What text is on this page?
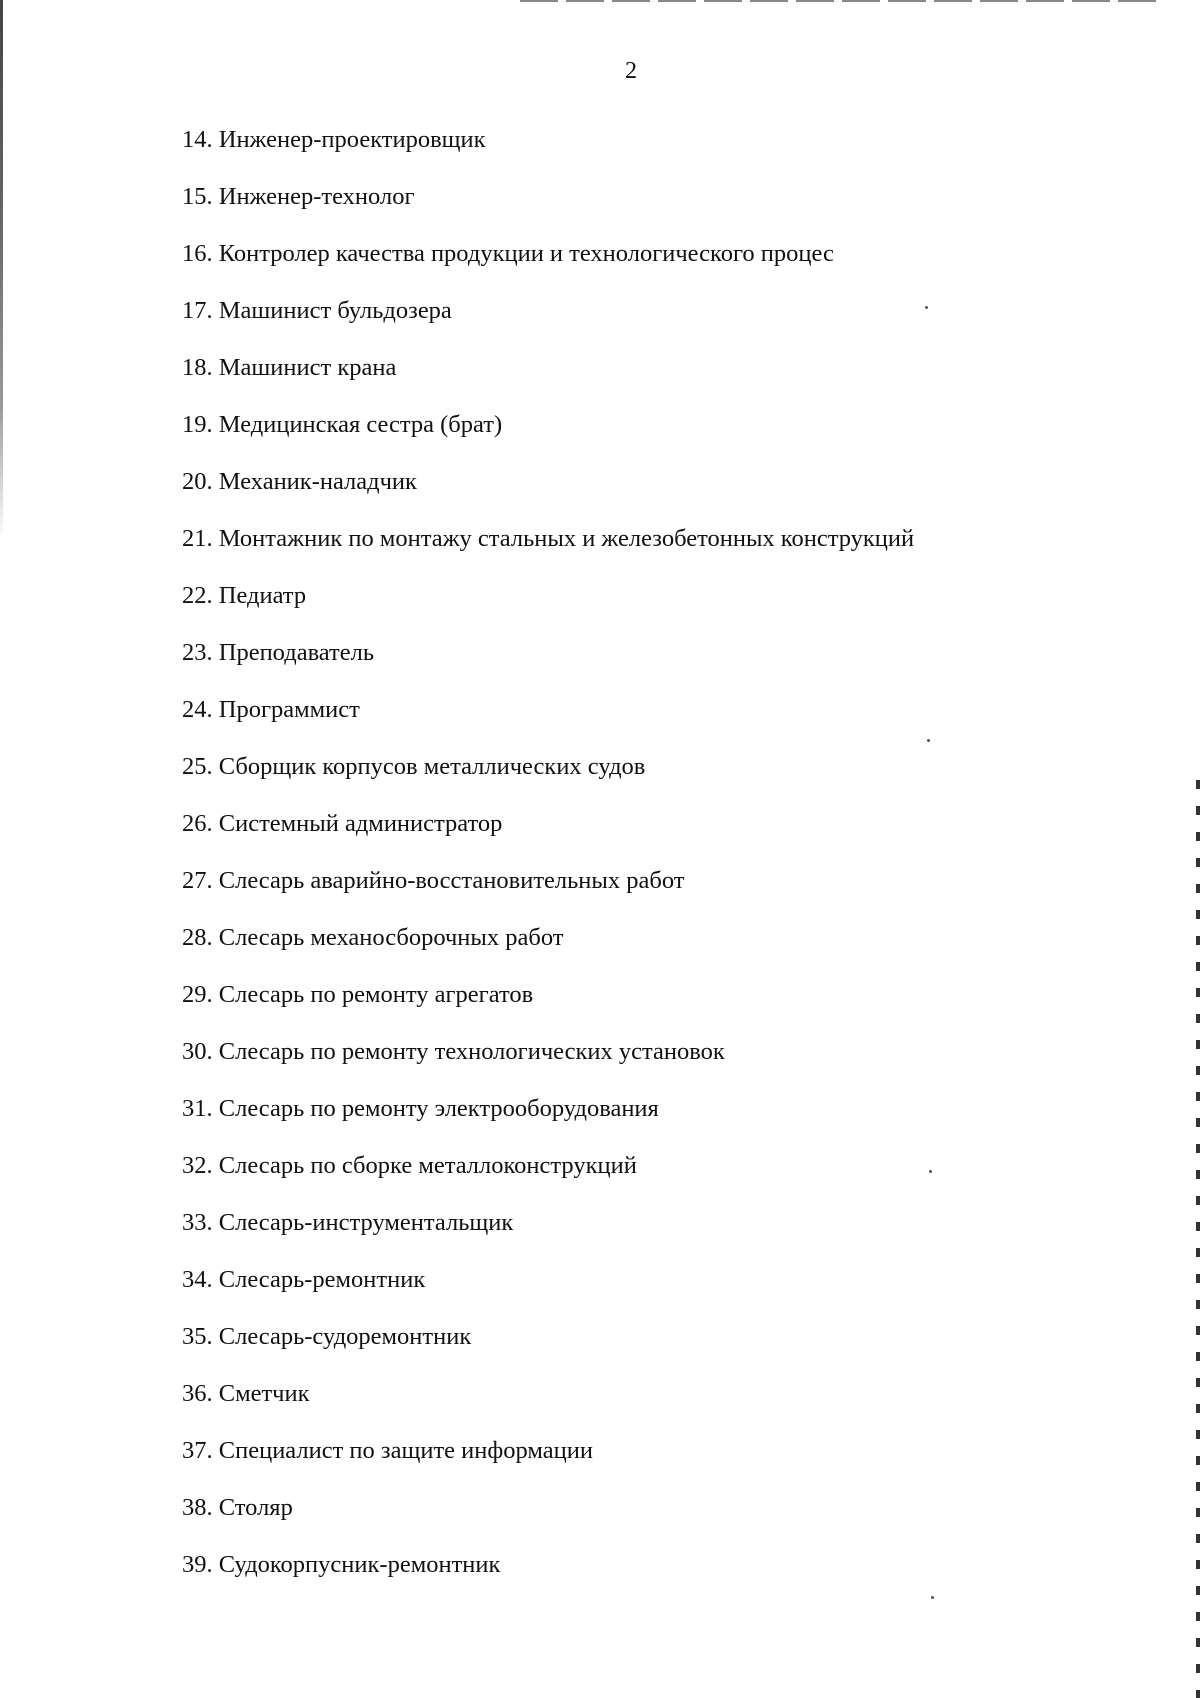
2
14. Инженер-проектировщик
15. Инженер-технолог
16. Контролер качества продукции и технологического процес
17. Машинист бульдозера
18. Машинист крана
19. Медицинская сестра (брат)
20. Механик-наладчик
21. Монтажник по монтажу стальных и железобетонных конструкций
22. Педиатр
23. Преподаватель
24. Программист
25. Сборщик корпусов металлических судов
26. Системный администратор
27. Слесарь аварийно-восстановительных работ
28. Слесарь механосборочных работ
29. Слесарь по ремонту агрегатов
30. Слесарь по ремонту технологических установок
31. Слесарь по ремонту электрооборудования
32. Слесарь по сборке металлоконструкций
33. Слесарь-инструментальщик
34. Слесарь-ремонтник
35. Слесарь-судоремонтник
36. Сметчик
37. Специалист по защите информации
38. Столяр
39. Судокорпусник-ремонтник
